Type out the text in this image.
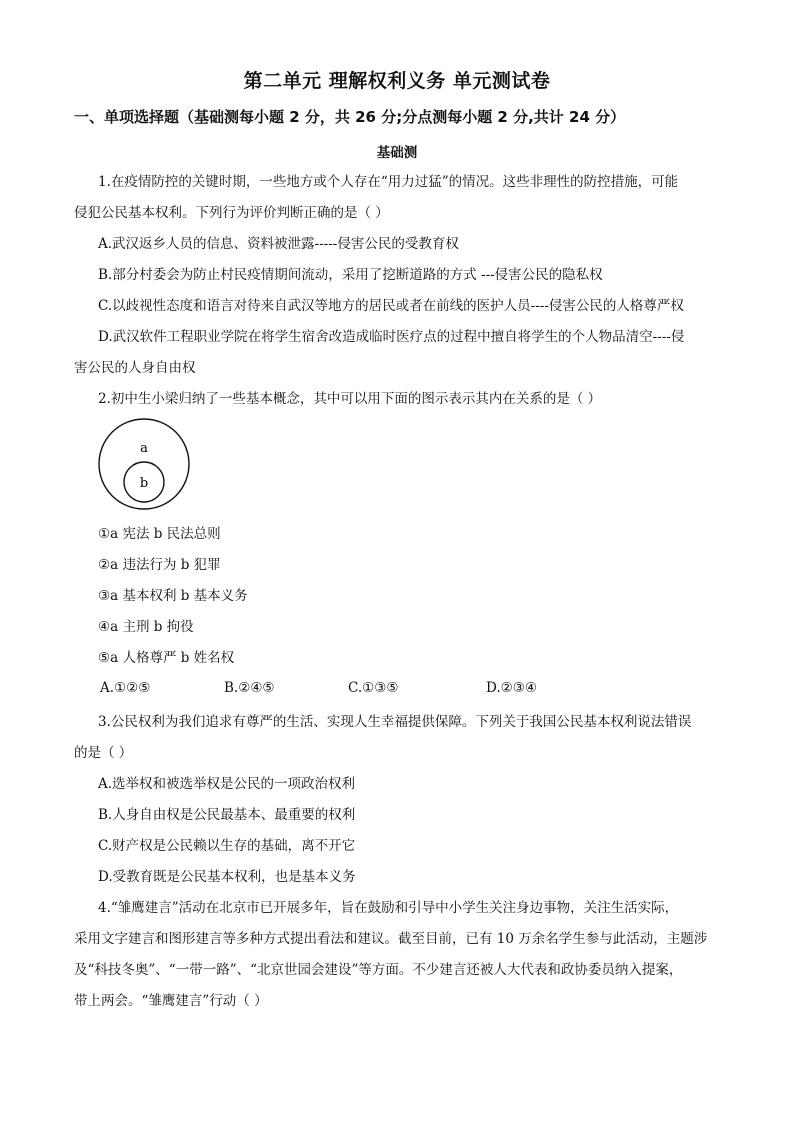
第二单元 理解权利义务 单元测试卷
一、单项选择题（基础测每小题 2 分，共 26 分;分点测每小题 2 分,共计 24 分）
基础测
1.在疫情防控的关键时期，一些地方或个人存在“用力过猛”的情况。这些非理性的防控措施，可能
侵犯公民基本权利。下列行为评价判断正确的是（ ）
A.武汉返乡人员的信息、资料被泄露-----侵害公民的受教育权
B.部分村委会为防止村民疫情期间流动，采用了挖断道路的方式 ---侵害公民的隐私权
C.以歧视性态度和语言对待来自武汉等地方的居民或者在前线的医护人员----侵害公民的人格尊严权
D.武汉软件工程职业学院在将学生宿舍改造成临时医疗点的过程中擅自将学生的个人物品清空----侵
害公民的人身自由权
2.初中生小梁归纳了一些基本概念，其中可以用下面的图示表示其内在关系的是（ ）
a
b
①a 宪法 b 民法总则
②a 违法行为 b 犯罪
③a 基本权利 b 基本义务
④a 主刑 b 拘役
⑤a 人格尊严 b 姓名权
A.①②⑤	B.②④⑤	C.①③⑤	D.②③④
3.公民权利为我们追求有尊严的生活、实现人生幸福提供保障。下列关于我国公民基本权利说法错误
的是（ ）
A.选举权和被选举权是公民的一项政治权利
B.人身自由权是公民最基本、最重要的权利
C.财产权是公民赖以生存的基础，离不开它
D.受教育既是公民基本权利，也是基本义务
4.“雏鹰建言”活动在北京市已开展多年，旨在鼓励和引导中小学生关注身边事物，关注生活实际，
采用文字建言和图形建言等多种方式提出看法和建议。截至目前，已有 10 万余名学生参与此活动，主题涉
及“科技冬奥”、“一带一路”、“北京世园会建设”等方面。不少建言还被人大代表和政协委员纳入提案，
带上两会。“雏鹰建言”行动（ ）
